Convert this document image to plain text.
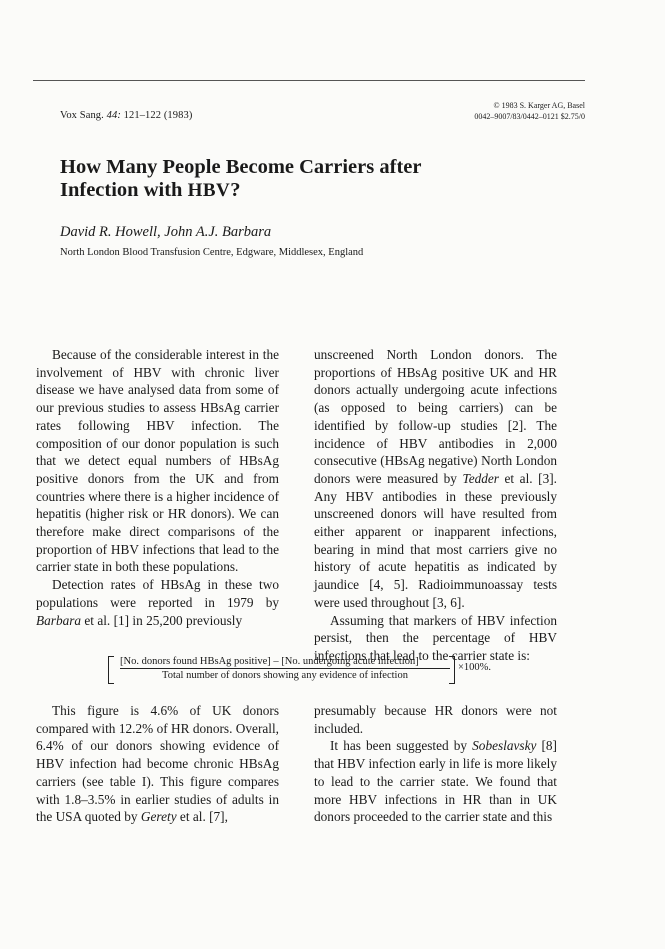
Vox Sang. 44: 121–122 (1983)
© 1983 S. Karger AG, Basel
0042–9007/83/0442–0121 $2.75/0
How Many People Become Carriers after
Infection with HBV?
David R. Howell, John A.J. Barbara
North London Blood Transfusion Centre, Edgware, Middlesex, England

Because of the considerable interest in the involvement of HBV with chronic liver disease we have analysed data from some of our previous studies to assess HBsAg carrier rates following HBV infection. The composition of our donor population is such that we detect equal numbers of HBsAg positive donors from the UK and from countries where there is a higher incidence of hepatitis (higher risk or HR donors). We can therefore make direct comparisons of the proportion of HBV infections that lead to the carrier state in both these populations.

Detection rates of HBsAg in these two populations were reported in 1979 by Barbara et al. [1] in 25,200 previously

unscreened North London donors. The proportions of HBsAg positive UK and HR donors actually undergoing acute infections (as opposed to being carriers) can be identified by follow-up studies [2]. The incidence of HBV antibodies in 2,000 consecutive (HBsAg negative) North London donors were measured by Tedder et al. [3]. Any HBV antibodies in these previously unscreened donors will have resulted from either apparent or inapparent infections, bearing in mind that most carriers give no history of acute hepatitis as indicated by jaundice [4, 5]. Radioimmunoassay tests were used throughout [3, 6].

Assuming that markers of HBV infection persist, then the percentage of HBV infections that lead to the carrier state is:

[No. donors found HBsAg positive] – [No. undergoing acute infection]
Total number of donors showing any evidence of infection
×100%.

This figure is 4.6% of UK donors compared with 12.2% of HR donors. Overall, 6.4% of our donors showing evidence of HBV infection had become chronic HBsAg carriers (see table I). This figure compares with 1.8–3.5% in earlier studies of adults in the USA quoted by Gerety et al. [7],

presumably because HR donors were not included.

It has been suggested by Sobeslavsky [8] that HBV infection early in life is more likely to lead to the carrier state. We found that more HBV infections in HR than in UK donors proceeded to the carrier state and this
